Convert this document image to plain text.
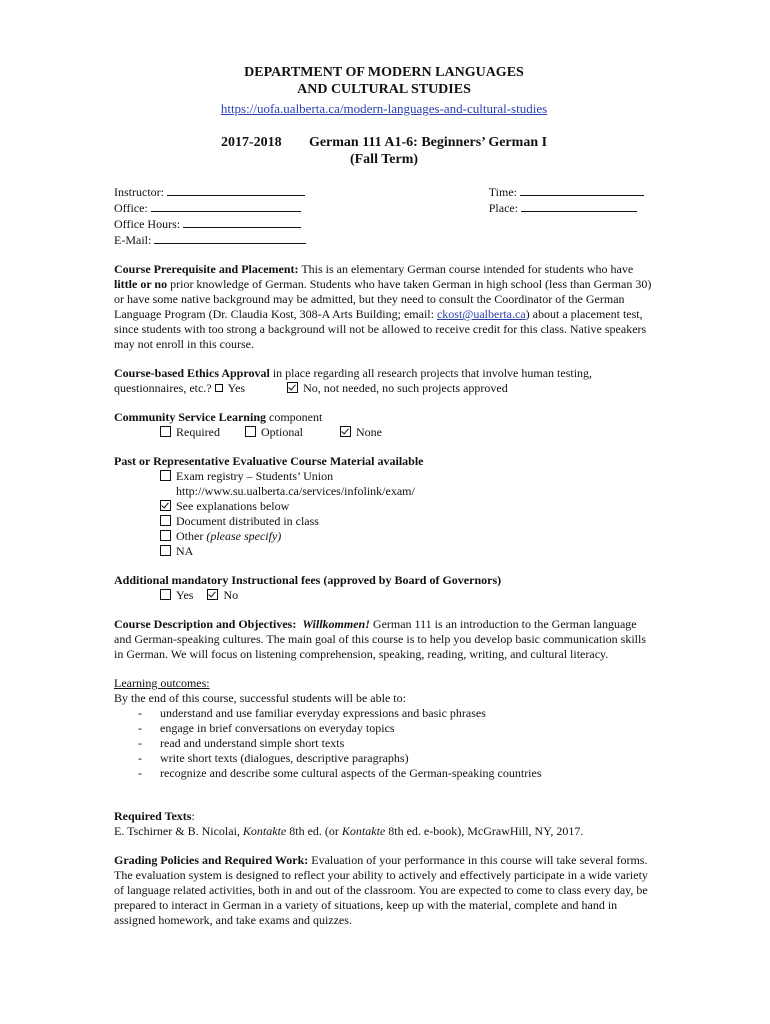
DEPARTMENT OF MODERN LANGUAGES
AND CULTURAL STUDIES
https://uofa.ualberta.ca/modern-languages-and-cultural-studies
2017-2018 German 111 A1-6: Beginners’ German I
(Fall Term)
Instructor:
Office:
Office Hours:
E-Mail:
Time:
Place:

Course Prerequisite and Placement: This is an elementary German course intended for students who have little or no prior knowledge of German. Students who have taken German in high school (less than German 30) or have some native background may be admitted, but they need to consult the Coordinator of the German Language Program (Dr. Claudia Kost, 308-A Arts Building; email: ckost@ualberta.ca) about a placement test, since students with too strong a background will not be allowed to receive credit for this class. Native speakers may not enroll in this course.

Course-based Ethics Approval in place regarding all research projects that involve human testing, questionnaires, etc.? Yes	No, not needed, no such projects approved
Community Service Learning component
Required	Optional	None
Past or Representative Evaluative Course Material available
Exam registry – Students’ Union
http://www.su.ualberta.ca/services/infolink/exam/
See explanations below
Document distributed in class
Other (please specify)
NA
Additional mandatory Instructional fees (approved by Board of Governors)
Yes	No

Course Description and Objectives: Willkommen! German 111 is an introduction to the German language and German-speaking cultures. The main goal of this course is to help you develop basic communication skills in German. We will focus on listening comprehension, speaking, reading, writing, and cultural literacy.

Learning outcomes:
By the end of this course, successful students will be able to:
-	understand and use familiar everyday expressions and basic phrases
-	engage in brief conversations on everyday topics
-	read and understand simple short texts
-	write short texts (dialogues, descriptive paragraphs)
-	recognize and describe some cultural aspects of the German-speaking countries
Required Texts:
E. Tschirner & B. Nicolai, Kontakte 8th ed. (or Kontakte 8th ed. e-book), McGrawHill, NY, 2017.

Grading Policies and Required Work: Evaluation of your performance in this course will take several forms. The evaluation system is designed to reflect your ability to actively and effectively participate in a wide variety of language related activities, both in and out of the classroom. You are expected to come to class every day, be prepared to interact in German in a variety of situations, keep up with the material, complete and hand in assigned homework, and take exams and quizzes.
